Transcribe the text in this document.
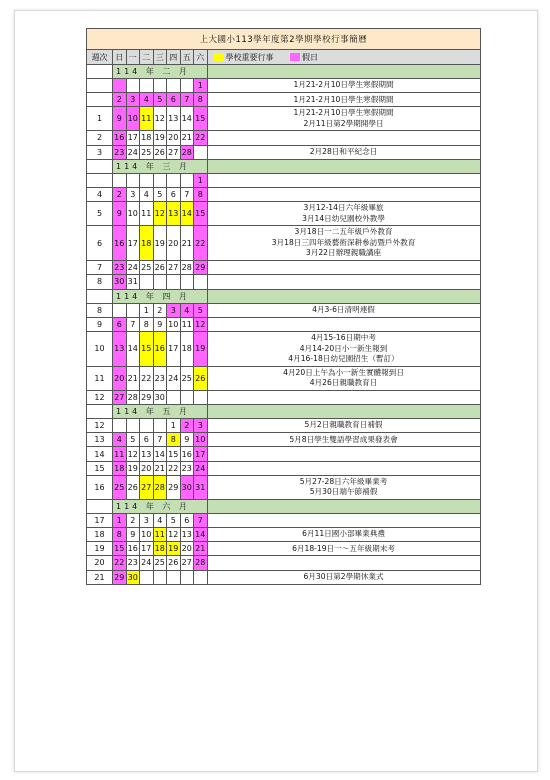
上大國小113學年度第2學期學校行事簡曆								
週次	日	一	二	三	四	五	六	學校重要行事 假日
	114 年 二 月							
							1	1月21-2月10日學生寒假期間

	2	3	4	5	6	7	8	1月21-2月10日學生寒假期間

1	9	10	11	12	13	14	15	1月21-2月10日學生寒假期間
2月11日第2學期開學日

2	16	17	18	19	20	21	22	
3	23	24	25	26	27	28		2月28日和平紀念日

	114 年 三 月							
							1	
4	2	3	4	5	6	7	8	
5	9	10	11	12	13	14	15	3月12-14日六年級畢旅
3月14日幼兒園校外教學

6	16	17	18	19	20	21	22	3月18日一二五年級戶外教育
3月18日三四年級藝術深耕參訪暨戶外教育
3月22日辦理親職講座

7	23	24	25	26	27	28	29	
8	30	31						
	114 年 四 月							
8			1	2	3	4	5	4月3-6日清明連假

9	6	7	8	9	10	11	12	
10	13	14	15	16	17	18	19	4月15-16日期中考
4月14-20日小一新生報到
4月16-18日幼兒園招生（暫訂）

11	20	21	22	23	24	25	26	4月20日上午為小一新生實體報到日
4月26日親職教育日

12	27	28	29	30				
	114 年 五 月							
12					1	2	3	5月2日親職教育日補假

13	4	5	6	7	8	9	10	5月8日學生雙語學習成果發表會

14	11	12	13	14	15	16	17	
15	18	19	20	21	22	23	24	
16	25	26	27	28	29	30	31	5月27-28日六年級畢業考
5月30日端午節補假

	114 年 六 月							
17	1	2	3	4	5	6	7	
18	8	9	10	11	12	13	14	6月11日國小部畢業典禮

19	15	16	17	18	19	20	21	6月18-19日一～五年級期末考

20	22	23	24	25	26	27	28	
21	29	30						6月30日第2學期休業式
